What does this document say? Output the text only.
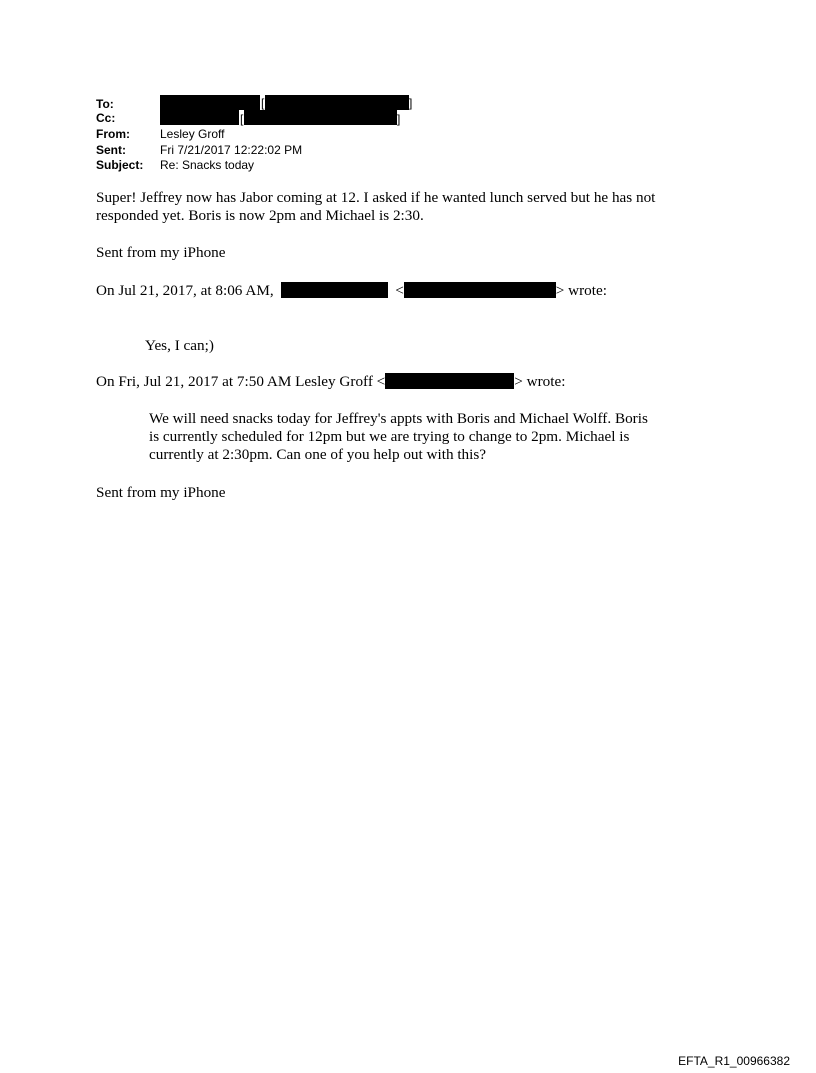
To:	[	]
Cc:	[	]
From:	Lesley Groff
Sent:	Fri 7/21/2017 12:22:02 PM
Subject: Re: Snacks today
Super! Jeffrey now has Jabor coming at 12. I asked if he wanted lunch served but he has not
responded yet. Boris is now 2pm and Michael is 2:30.
Sent from my iPhone
On Jul 21, 2017, at 8:06 AM,	<	> wrote:
Yes, I can;)
On Fri, Jul 21, 2017 at 7:50 AM Lesley Groff <	> wrote:
We will need snacks today for Jeffrey's appts with Boris and Michael Wolff. Boris
is currently scheduled for 12pm but we are trying to change to 2pm. Michael is
currently at 2:30pm. Can one of you help out with this?
Sent from my iPhone
EFTA_R1_00966382
